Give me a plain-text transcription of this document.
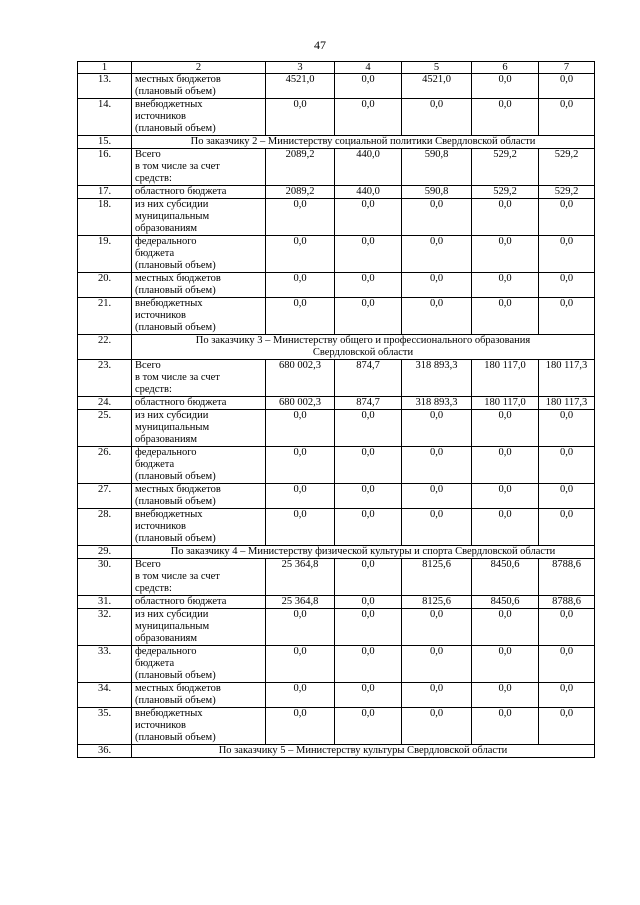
47
1	2	3	4	5	6	7
13.	местных бюджетов
(плановый объем)	4521,0	0,0	4521,0	0,0	0,0
14.	внебюджетных
источников
(плановый объем)	0,0	0,0	0,0	0,0	0,0
15.	По заказчику 2 – Министерству социальной политики Свердловской области					
16.	Всего
в том числе за счет
средств:	2089,2	440,0	590,8	529,2	529,2
17.	областного бюджета	2089,2	440,0	590,8	529,2	529,2
18.	из них субсидии
муниципальным
образованиям	0,0	0,0	0,0	0,0	0,0
19.	федерального
бюджета
(плановый объем)	0,0	0,0	0,0	0,0	0,0
20.	местных бюджетов
(плановый объем)	0,0	0,0	0,0	0,0	0,0
21.	внебюджетных
источников
(плановый объем)	0,0	0,0	0,0	0,0	0,0
22.	По заказчику 3 – Министерству общего и профессионального образования
Свердловской области					
23.	Всего
в том числе за счет
средств:	680 002,3	874,7	318 893,3	180 117,0	180 117,3
24.	областного бюджета	680 002,3	874,7	318 893,3	180 117,0	180 117,3
25.	из них субсидии
муниципальным
образованиям	0,0	0,0	0,0	0,0	0,0
26.	федерального
бюджета
(плановый объем)	0,0	0,0	0,0	0,0	0,0
27.	местных бюджетов
(плановый объем)	0,0	0,0	0,0	0,0	0,0
28.	внебюджетных
источников
(плановый объем)	0,0	0,0	0,0	0,0	0,0
29.	По заказчику 4 – Министерству физической культуры и спорта Свердловской области					
30.	Всего
в том числе за счет
средств:	25 364,8	0,0	8125,6	8450,6	8788,6
31.	областного бюджета	25 364,8	0,0	8125,6	8450,6	8788,6
32.	из них субсидии
муниципальным
образованиям	0,0	0,0	0,0	0,0	0,0
33.	федерального
бюджета
(плановый объем)	0,0	0,0	0,0	0,0	0,0
34.	местных бюджетов
(плановый объем)	0,0	0,0	0,0	0,0	0,0
35.	внебюджетных
источников
(плановый объем)	0,0	0,0	0,0	0,0	0,0
36.	По заказчику 5 – Министерству культуры Свердловской области					
